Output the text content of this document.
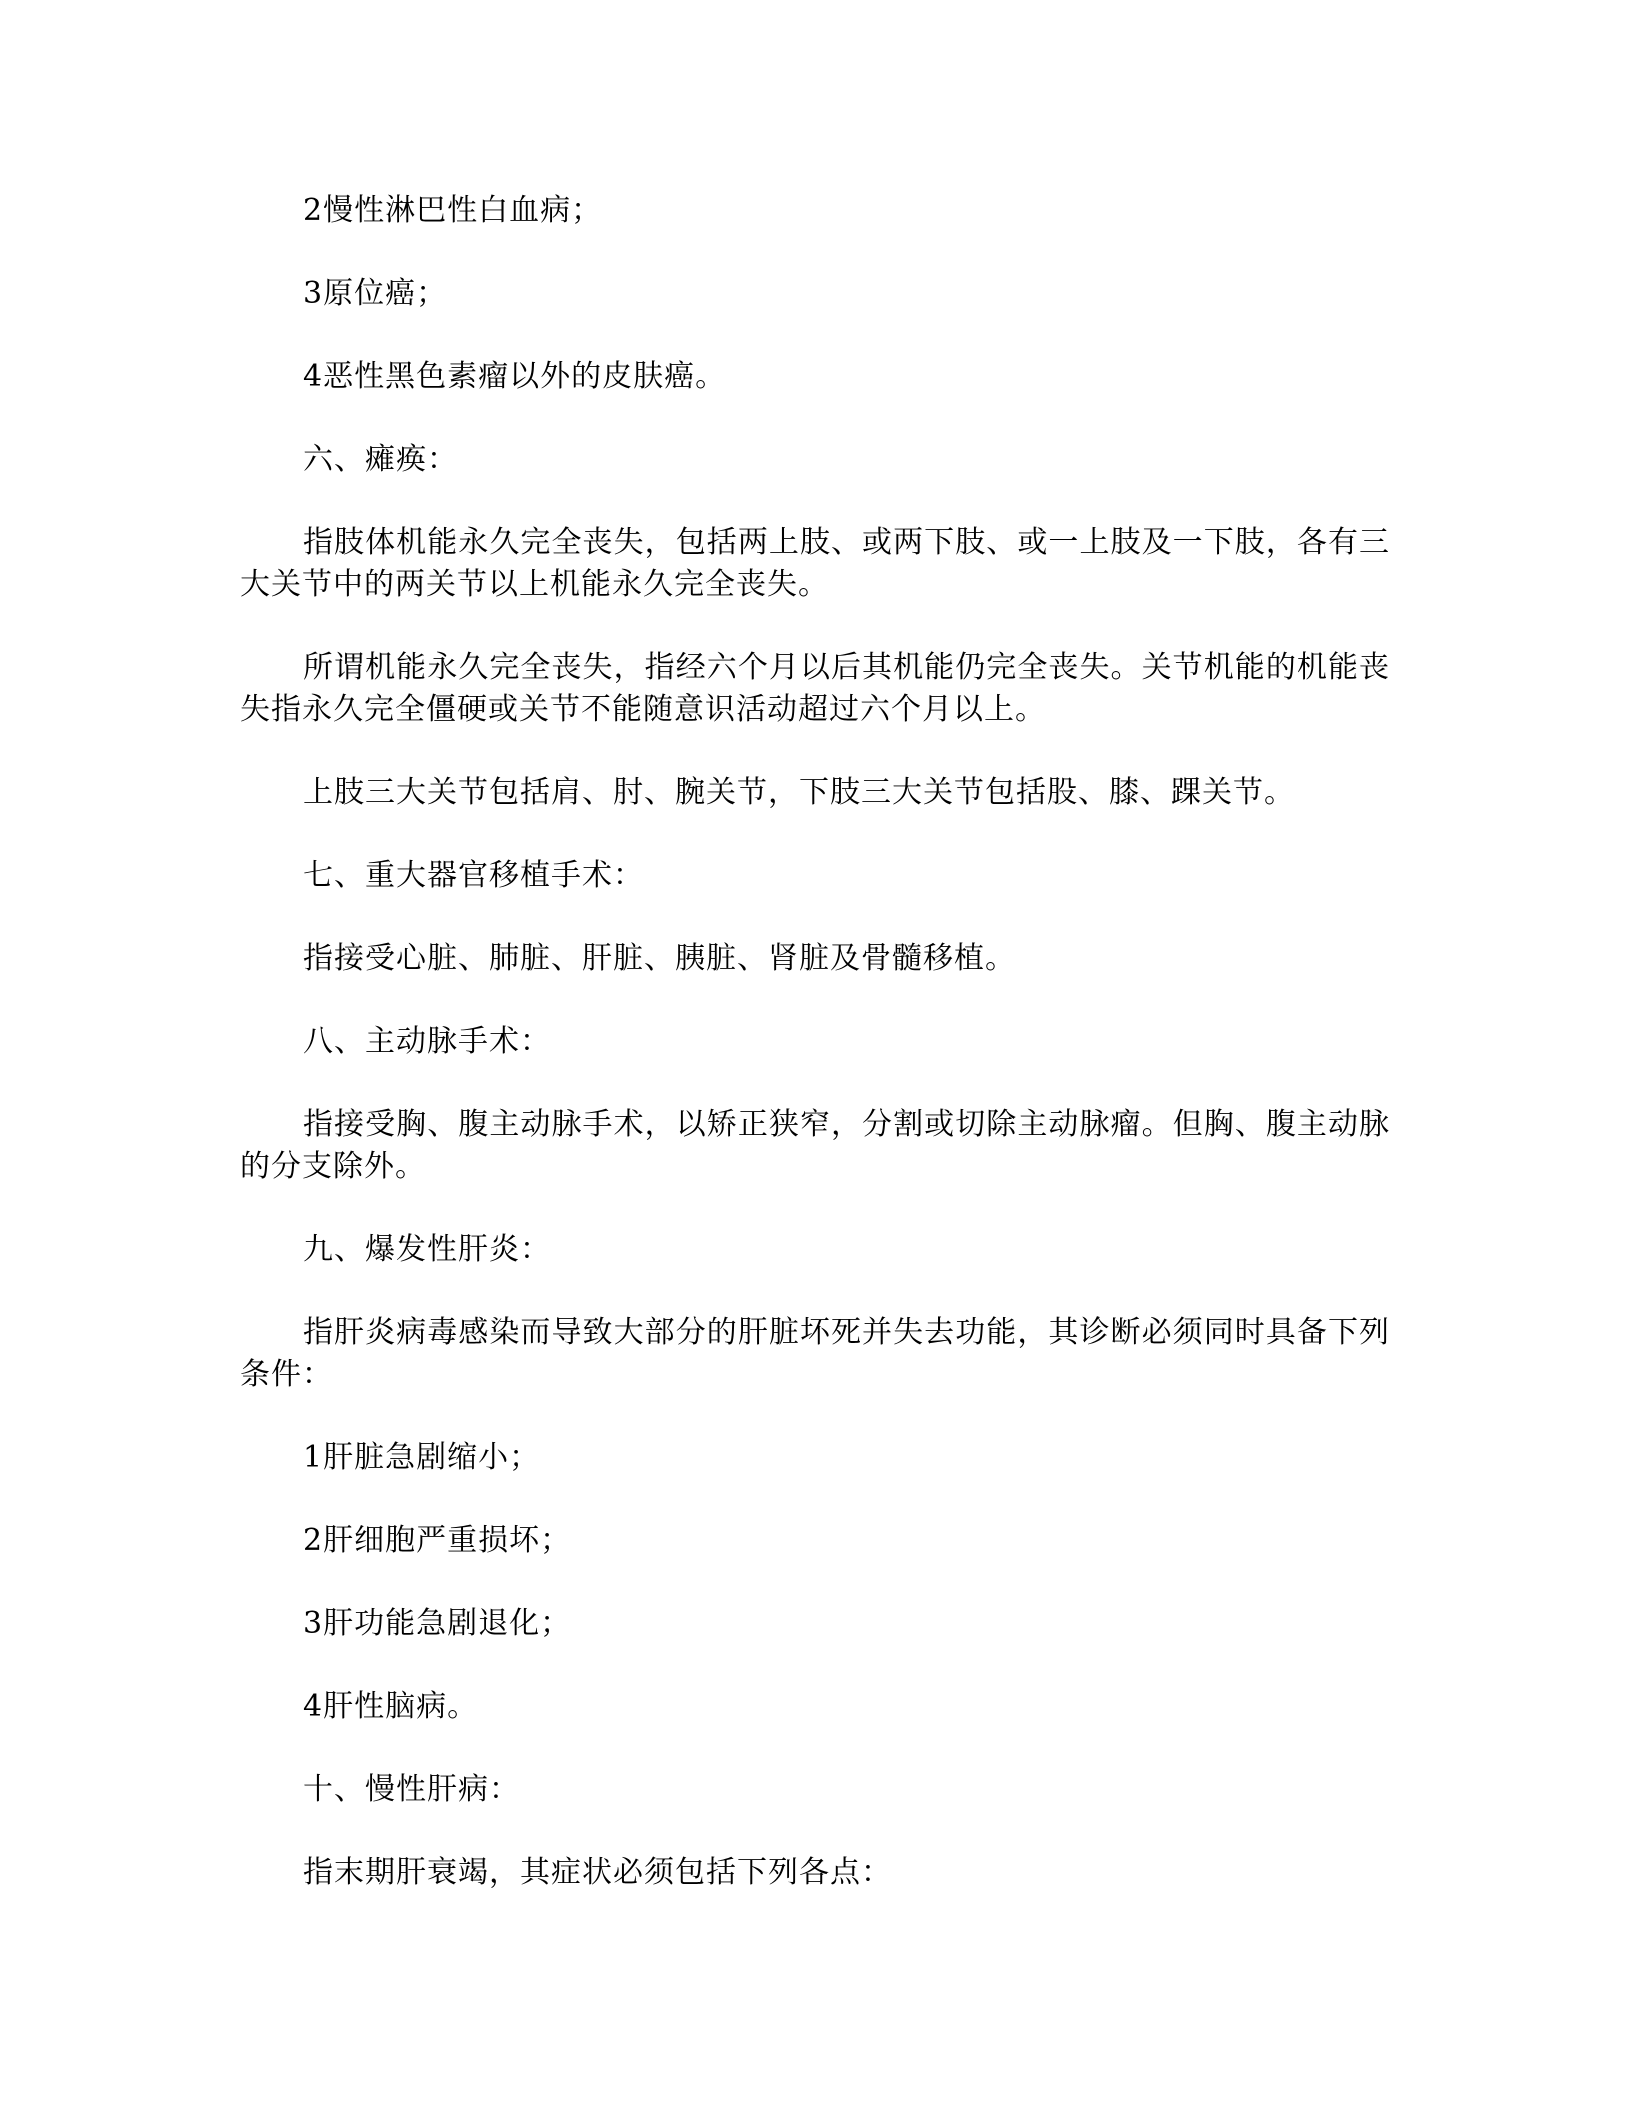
2慢性淋巴性白血病；

3原位癌；

4恶性黑色素瘤以外的皮肤癌。

六、瘫痪：

指肢体机能永久完全丧失，包括两上肢、或两下肢、或一上肢及一下肢，各有三大关节中的两关节以上机能永久完全丧失。

所谓机能永久完全丧失，指经六个月以后其机能仍完全丧失。关节机能的机能丧失指永久完全僵硬或关节不能随意识活动超过六个月以上。

上肢三大关节包括肩、肘、腕关节，下肢三大关节包括股、膝、踝关节。

七、重大器官移植手术：

指接受心脏、肺脏、肝脏、胰脏、肾脏及骨髓移植。

八、主动脉手术：

指接受胸、腹主动脉手术，以矫正狭窄，分割或切除主动脉瘤。但胸、腹主动脉的分支除外。

九、爆发性肝炎：

指肝炎病毒感染而导致大部分的肝脏坏死并失去功能，其诊断必须同时具备下列条件：

1肝脏急剧缩小；

2肝细胞严重损坏；

3肝功能急剧退化；

4肝性脑病。

十、慢性肝病：

指末期肝衰竭，其症状必须包括下列各点：
